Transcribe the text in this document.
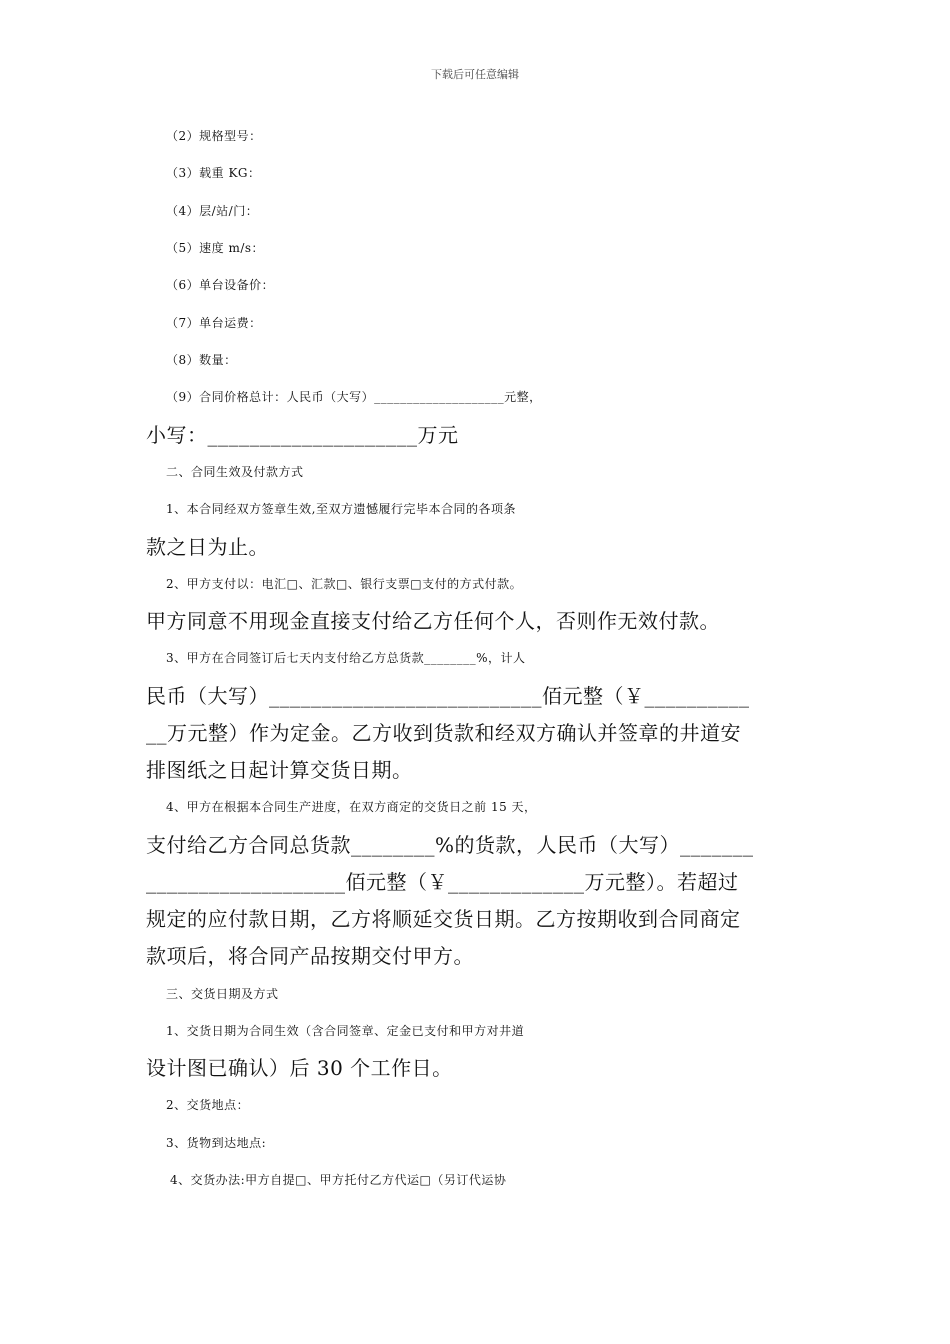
下载后可任意编辑
（2）规格型号：
（3）载重 KG：
（4）层/站/门：
（5）速度 m/s：
（6）单台设备价：
（7）单台运费：
（8）数量：
（9）合同价格总计：人民币（大写）____________________元整，
小写：____________________万元
二、合同生效及付款方式
1、本合同经双方签章生效,至双方遗憾履行完毕本合同的各项条
款之日为止。
2、甲方支付以：电汇□、汇款□、银行支票□支付的方式付款。
甲方同意不用现金直接支付给乙方任何个人，否则作无效付款。
3、甲方在合同签订后七天内支付给乙方总货款________%，计人
民币（大写）__________________________佰元整（￥__________
__万元整）作为定金。乙方收到货款和经双方确认并签章的井道安
排图纸之日起计算交货日期。
4、甲方在根据本合同生产进度，在双方商定的交货日之前 15 天，
支付给乙方合同总货款________%的货款，人民币（大写）_______
___________________佰元整（￥_____________万元整）。若超过
规定的应付款日期，乙方将顺延交货日期。乙方按期收到合同商定
款项后，将合同产品按期交付甲方。
三、交货日期及方式
1、交货日期为合同生效（含合同签章、定金已支付和甲方对井道
设计图已确认）后 30 个工作日。
2、交货地点：
3、货物到达地点:
4、交货办法:甲方自提□、甲方托付乙方代运□（另订代运协
